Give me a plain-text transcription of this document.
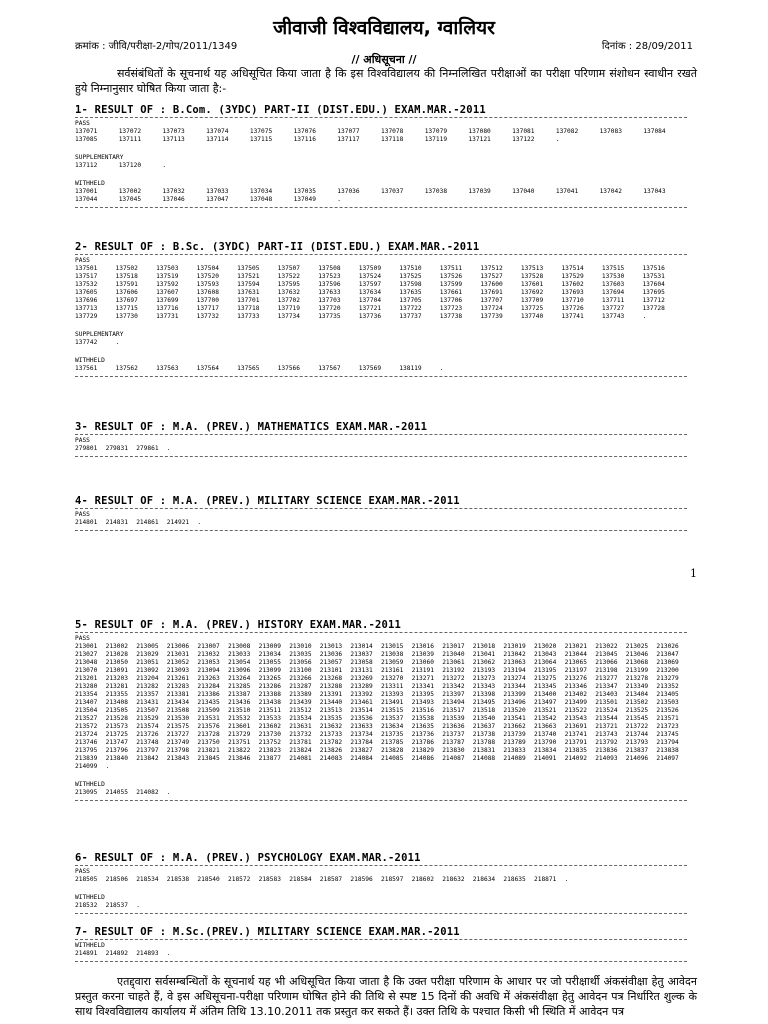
जीवाजी विश्वविद्यालय, ग्वालियर
क्रमांक : जीवि/परीक्षा-2/गोप/2011/1349	दिनांक : 28/09/2011
// अधिसूचना //

सर्वसंबंधितों के सूचनार्थ यह अधिसूचित किया जाता है कि इस विश्वविद्यालय की निम्नलिखित परीक्षाओं का परीक्षा परिणाम संशोधन स्वाधीन रखते हुये निम्नानुसार घोषित किया जाता है:-

1- RESULT OF : B.Com. (3YDC) PART-II (DIST.EDU.) EXAM.MAR.-2011
PASS
137071	137072	137073	137074	137075	137076	137077	137078	137079	137080	137081	137082	137083	137084
137085	137111	137113	137114	137115	137116	137117	137118	137119	137121	137122	.
SUPPLEMENTARY
137112	137120	.
WITHHELD
137001	137002	137032	137033	137034	137035	137036	137037	137038	137039	137040	137041	137042	137043
137044	137045	137046	137047	137048	137049	.
2- RESULT OF : B.Sc. (3YDC) PART-II (DIST.EDU.) EXAM.MAR.-2011
PASS
137501	137502	137503	137504	137505	137507	137508	137509	137510	137511	137512	137513	137514	137515	137516
137517	137518	137519	137520	137521	137522	137523	137524	137525	137526	137527	137528	137529	137530	137531
137532	137591	137592	137593	137594	137595	137596	137597	137598	137599	137600	137601	137602	137603	137604
137605	137606	137607	137608	137631	137632	137633	137634	137635	137661	137691	137692	137693	137694	137695
137696	137697	137699	137700	137701	137702	137703	137704	137705	137706	137707	137709	137710	137711	137712
137713	137715	137716	137717	137718	137719	137720	137721	137722	137723	137724	137725	137726	137727	137728
137729	137730	137731	137732	137733	137734	137735	137736	137737	137738	137739	137740	137741	137743	.
SUPPLEMENTARY
137742	.
WITHHELD
137561	137562	137563	137564	137565	137566	137567	137569	138119	.
3- RESULT OF : M.A. (PREV.) MATHEMATICS EXAM.MAR.-2011
PASS
279801	279831	279861	.
4- RESULT OF : M.A. (PREV.) MILITARY SCIENCE EXAM.MAR.-2011
PASS
214801	214831	214861	214921	.
1
5- RESULT OF : M.A. (PREV.) HISTORY EXAM.MAR.-2011
PASS
213001	213002	213005	213006	213007	213008	213009	213010	213013	213014	213015	213016	213017	213018	213019	213020	213021	213022	213025	213026
213027	213028	213029	213031	213032	213033	213034	213035	213036	213037	213038	213039	213040	213041	213042	213043	213044	213045	213046	213047
213048	213050	213051	213052	213053	213054	213055	213056	213057	213058	213059	213060	213061	213062	213063	213064	213065	213066	213068	213069
213070	213091	213092	213093	213094	213096	213099	213100	213101	213131	213161	213191	213192	213193	213194	213195	213197	213198	213199	213200
213201	213203	213204	213261	213263	213264	213265	213266	213268	213269	213270	213271	213272	213273	213274	213275	213276	213277	213278	213279
213280	213281	213282	213283	213284	213285	213286	213287	213288	213289	213311	213341	213342	213343	213344	213345	213346	213347	213349	213352
213354	213355	213357	213381	213386	213387	213388	213389	213391	213392	213393	213395	213397	213398	213399	213400	213402	213403	213404	213405
213407	213408	213431	213434	213435	213436	213438	213439	213440	213461	213491	213493	213494	213495	213496	213497	213499	213501	213502	213503
213504	213505	213507	213508	213509	213510	213511	213512	213513	213514	213515	213516	213517	213518	213520	213521	213522	213524	213525	213526
213527	213528	213529	213530	213531	213532	213533	213534	213535	213536	213537	213538	213539	213540	213541	213542	213543	213544	213545	213571
213572	213573	213574	213575	213576	213601	213602	213631	213632	213633	213634	213635	213636	213637	213662	213663	213691	213721	213722	213723
213724	213725	213726	213727	213728	213729	213730	213732	213733	213734	213735	213736	213737	213738	213739	213740	213741	213743	213744	213745
213746	213747	213748	213749	213750	213751	213752	213781	213782	213784	213785	213786	213787	213788	213789	213790	213791	213792	213793	213794
213795	213796	213797	213798	213821	213822	213823	213824	213826	213827	213828	213829	213830	213831	213833	213834	213835	213836	213837	213838
213839	213840	213842	213843	213845	213846	213877	214081	214083	214084	214085	214086	214087	214088	214089	214091	214092	214093	214096	214097
214099	.
WITHHELD
213095	214055	214082	.
6- RESULT OF : M.A. (PREV.) PSYCHOLOGY EXAM.MAR.-2011
PASS
218505	218506	218534	218538	218540	218572	218583	218584	218587	218596	218597	218602	218632	218634	218635	218871	.
WITHHELD
218532	218537	.
7- RESULT OF : M.Sc.(PREV.) MILITARY SCIENCE EXAM.MAR.-2011
WITHHELD
214891	214892	214893	.

एतद्द्वारा सर्वसम्बन्धितों के सूचनार्थ यह भी अधिसूचित किया जाता है कि उक्त परीक्षा परिणाम के आधार पर जो परीक्षार्थी अंकसंवीक्षा हेतु आवेदन प्रस्तुत करना चाहते हैं, वे इस अधिसूचना-परीक्षा परिणाम घोषित होने की तिथि से स्पष्ट 15 दिनों की अवधि में अंकसंवीक्षा हेतु आवेदन पत्र निर्धारित शुल्क के साथ विश्वविद्यालय कार्यालय में अंतिम तिथि 13.10.2011 तक प्रस्तुत कर सकते हैं। उक्त तिथि के पश्चात किसी भी स्थिति में आवेदन पत्र
